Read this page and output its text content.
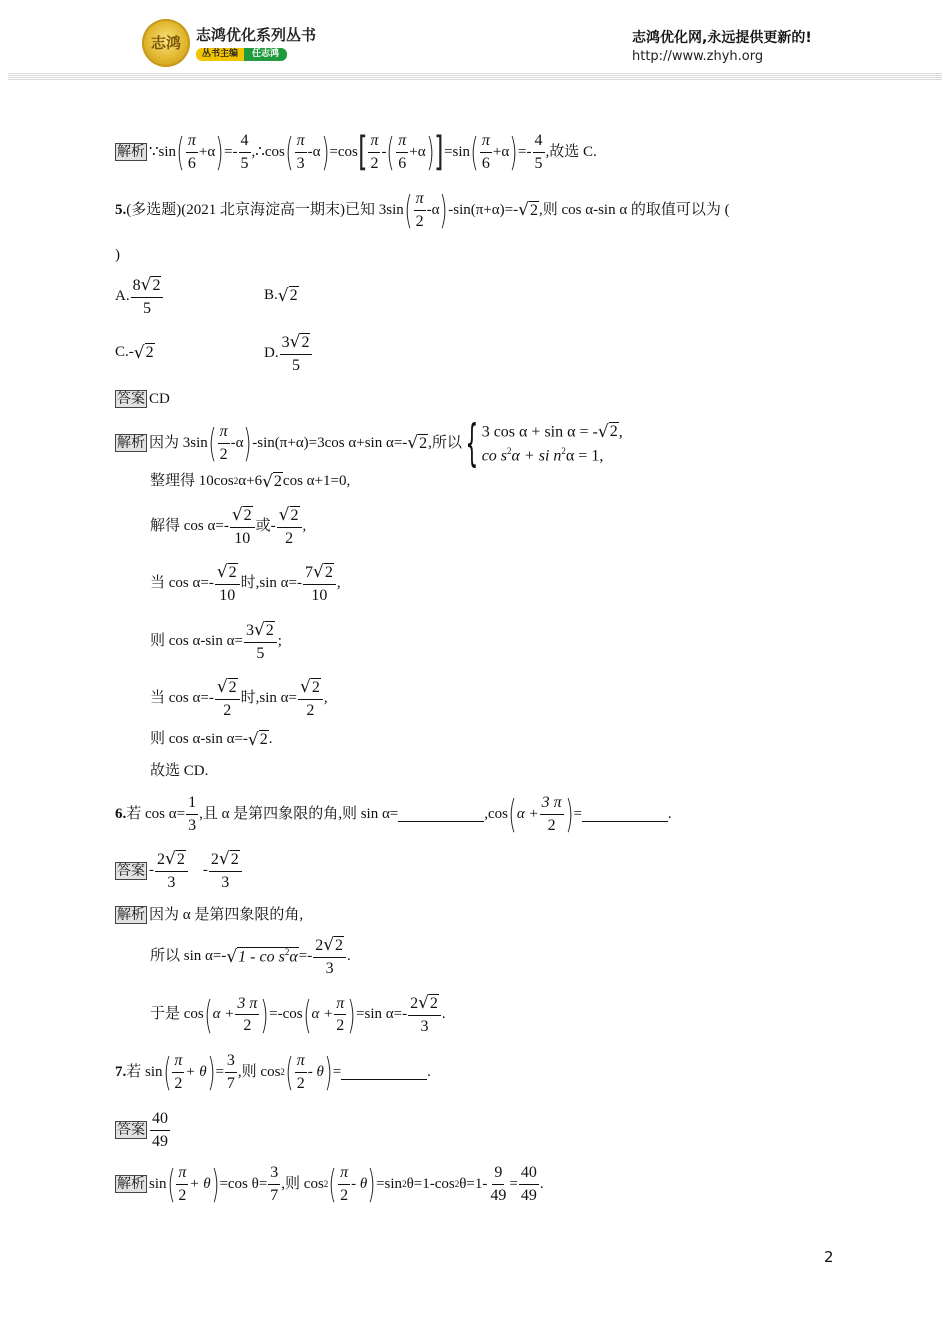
志鸿	志鸿优化系列丛书
丛书主编	任志鸿
志鸿优化网,永远提供更新的!
http://www.zhyh.org
解析 ∵sin ( $\frac{\pi}{6} +\alpha$ ) =- $\frac{4}{5}$ ,∴cos ( $\frac{\pi}{3} -\alpha$ ) =cos [ $\frac{\pi}{2}$ - ( $\frac{\pi}{6} +\alpha$ ) ] =sin ( $\frac{\pi}{6} +\alpha$ ) =- $\frac{4}{5}$ ,故选 C.
5. (多选题)(2021 北京海淀高一期末)已知 3sin ( $\frac{\pi}{2} -\alpha$ ) -sin(π+α)=- √ 2 ,则 cos α-sin α 的取值可以为 (
)
A. $\frac{8 √ 2}{5}$	B. √ 2
C.- √ 2	D. $\frac{3 √ 2}{5}$
答案 CD
解析 因为 3sin ( $\frac{\pi}{2} -\alpha$ ) -sin(π+α)=3cos α+sin α=- √ 2 ,所以 { 3 cos α + sin α = - √ 2 ,
co $s^2\alpha$ + si $n^2\alpha = 1$,
整理得 10cos 2 α+6 √ 2 cos α+1=0,
解得 $\cos \alpha=- \frac{√ 2}{10}$ 或- $\frac{√ 2}{2}$ ,
当 $\cos \alpha=- \frac{√ 2}{10}$ 时,sin $\alpha=- \frac{7 √ 2}{10}$ ,
则 cos α-sin $\alpha= \frac{3 √ 2}{5}$ ;
当 $\cos \alpha=- \frac{√ 2}{2}$ 时,sin $\alpha= \frac{√ 2}{2}$ ,
则 cos α-sin α=- √ 2 .
故选 CD.
6. 若 $\cos \alpha= \frac{1}{3}$ ,且 α 是第四象限的角,则 sin α=	,cos ( $\alpha + \frac{3 \pi}{2}$ ) =	.
答案 - $\frac{2 √ 2}{3} - \frac{2 √ 2}{3}$
解析 因为 α 是第四象限的角,
所以 sin α=- √ 1 - co $s^2\alpha =- \frac{2 √ 2}{3}$ .
于是 cos ( $\alpha + \frac{3 \pi}{2}$ ) =-cos ( $\alpha + \frac{\pi}{2}$ ) =sin $\alpha=- \frac{2 √ 2}{3}$ .
7. 若 sin ( $\frac{\pi}{2} + \theta$ ) = $\frac{3}{7}$ ,则 cos 2 ( $\frac{\pi}{2}$ - θ ) =	.
答案 $\frac{40}{49}$
解析 sin ( $\frac{\pi}{2} + \theta$ ) =cos $\theta= \frac{3}{7}$ ,则 cos 2 ( $\frac{\pi}{2}$ - θ ) =sin 2 θ=1-cos 2 $\theta=1- \frac{9}{49} = \frac{40}{49}$ .
2
